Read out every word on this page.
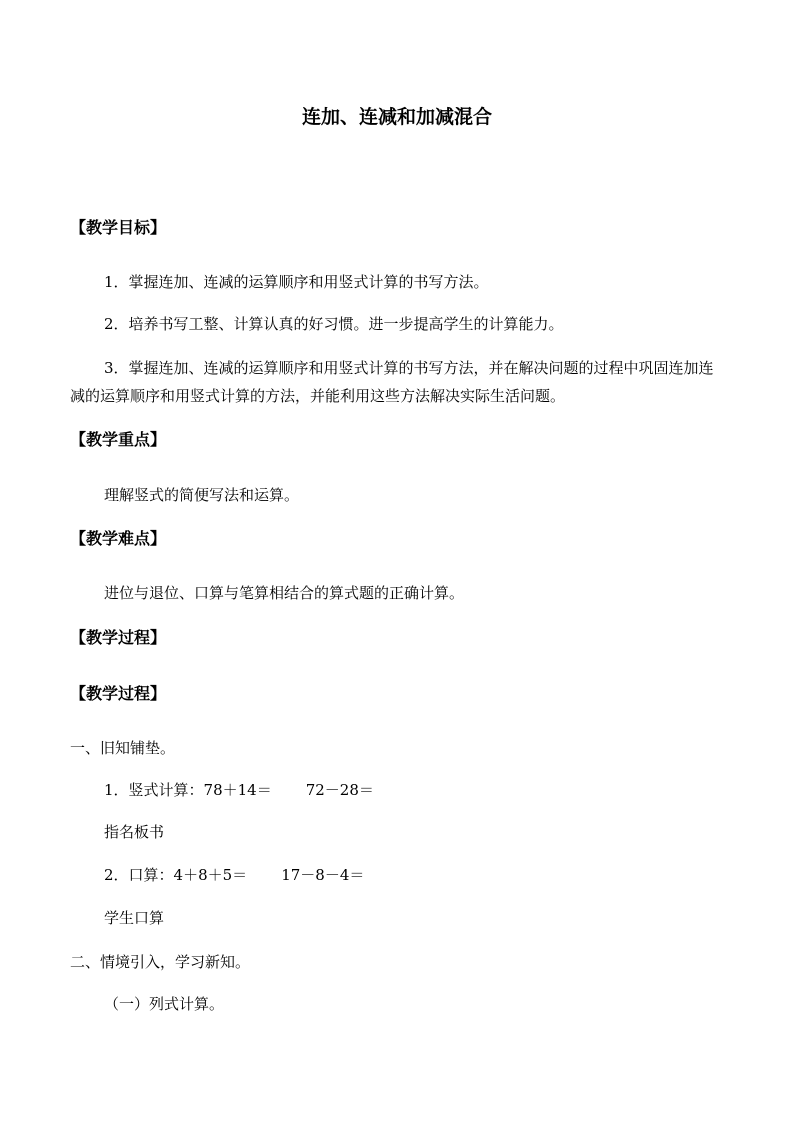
连加、连减和加减混合
【教学目标】
1．掌握连加、连减的运算顺序和用竖式计算的书写方法。
2．培养书写工整、计算认真的好习惯。进一步提高学生的计算能力。
3．掌握连加、连减的运算顺序和用竖式计算的书写方法，并在解决问题的过程中巩固连加连减的运算顺序和用竖式计算的方法，并能利用这些方法解决实际生活问题。
【教学重点】
理解竖式的简便写法和运算。
【教学难点】
进位与退位、口算与笔算相结合的算式题的正确计算。
【教学过程】
【教学过程】
一、旧知铺垫。
1．竖式计算：78＋14＝ 72－28＝
指名板书
2．口算：4＋8＋5＝ 17－8－4＝
学生口算
二、情境引入，学习新知。
（一）列式计算。
